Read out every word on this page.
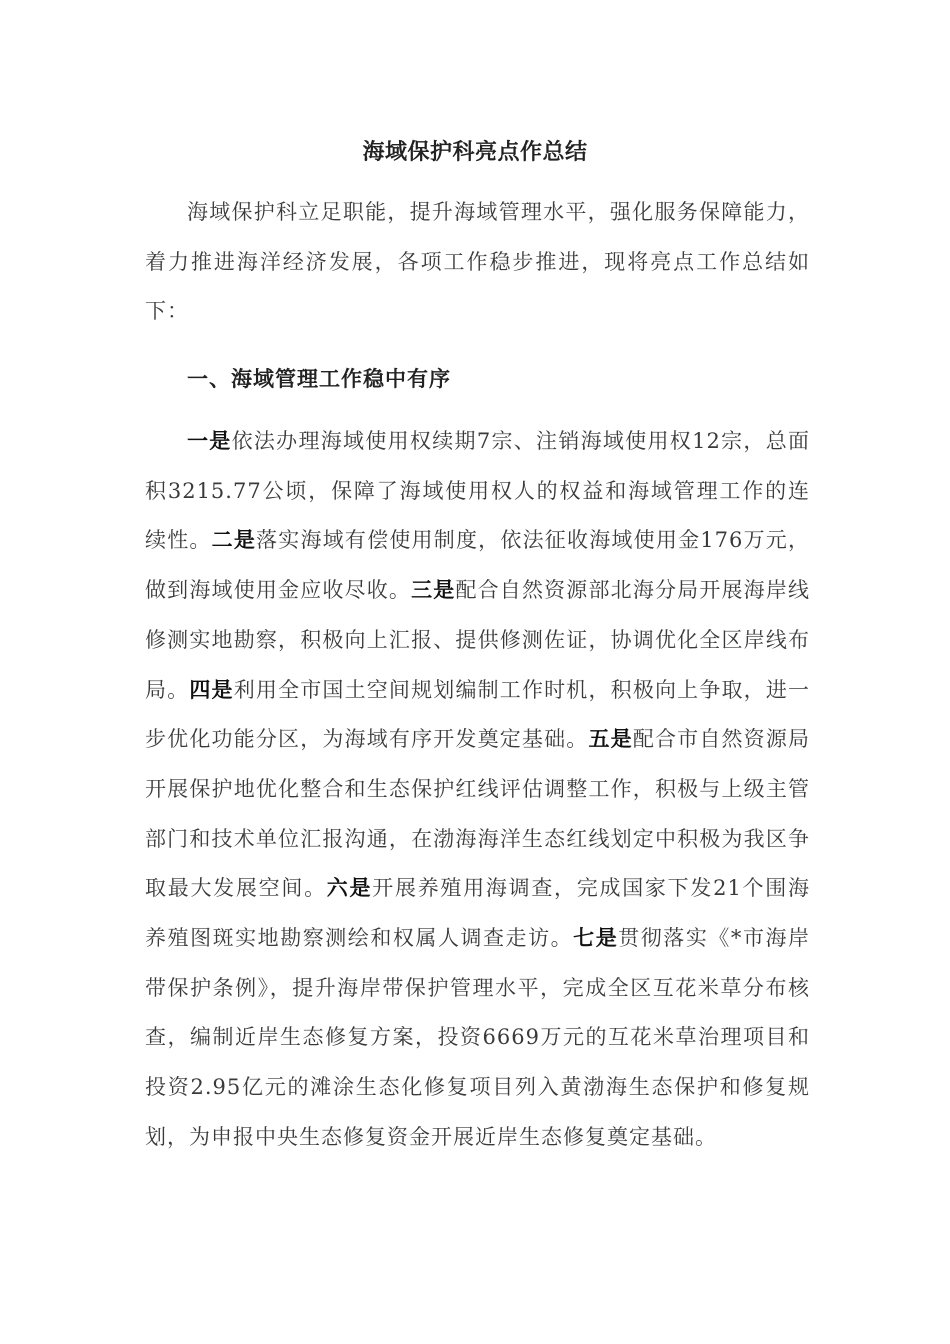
海域保护科亮点作总结
海域保护科立足职能，提升海域管理水平，强化服务保障能力，着力推进海洋经济发展，各项工作稳步推进，现将亮点工作总结如下：
一、海域管理工作稳中有序
一是依法办理海域使用权续期7宗、注销海域使用权12宗，总面积3215.77公顷，保障了海域使用权人的权益和海域管理工作的连续性。二是落实海域有偿使用制度，依法征收海域使用金176万元，做到海域使用金应收尽收。三是配合自然资源部北海分局开展海岸线修测实地勘察，积极向上汇报、提供修测佐证，协调优化全区岸线布局。四是利用全市国土空间规划编制工作时机，积极向上争取，进一步优化功能分区，为海域有序开发奠定基础。五是配合市自然资源局开展保护地优化整合和生态保护红线评估调整工作，积极与上级主管部门和技术单位汇报沟通，在渤海海洋生态红线划定中积极为我区争取最大发展空间。六是开展养殖用海调查，完成国家下发21个围海养殖图斑实地勘察测绘和权属人调查走访。七是贯彻落实《*市海岸带保护条例》，提升海岸带保护管理水平，完成全区互花米草分布核查，编制近岸生态修复方案，投资6669万元的互花米草治理项目和投资2.95亿元的滩涂生态化修复项目列入黄渤海生态保护和修复规划，为申报中央生态修复资金开展近岸生态修复奠定基础。
